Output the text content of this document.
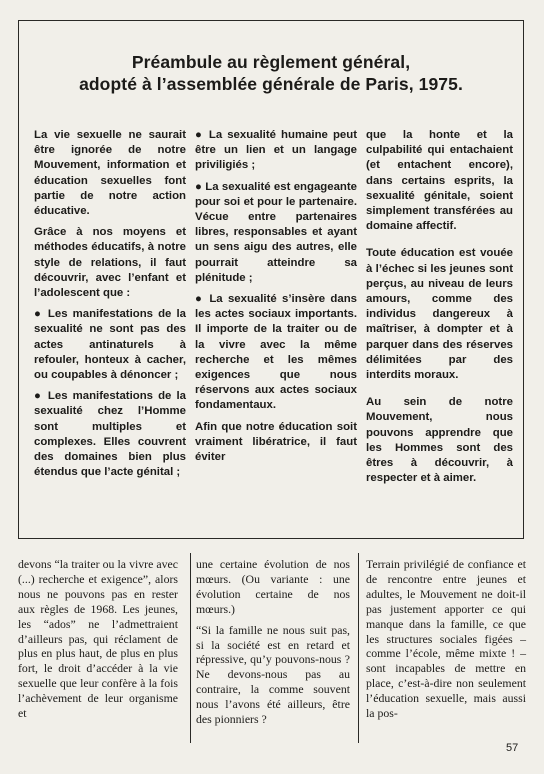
Préambule au règlement général,
adopté à l’assemblée générale de Paris, 1975.

La vie sexuelle ne saurait être ignorée de notre Mouvement, information et éducation sexuelles font partie de notre action éducative.

Grâce à nos moyens et méthodes éducatifs, à notre style de relations, il faut découvrir, avec l’enfant et l’adolescent que :

● Les manifestations de la sexualité ne sont pas des actes antinaturels à refouler, honteux à cacher, ou coupables à dénoncer ;

● Les manifestations de la sexualité chez l’Homme sont multiples et complexes. Elles couvrent des domaines bien plus étendus que l’acte génital ;

● La sexualité humaine peut être un lien et un langage priviligiés ;

● La sexualité est engageante pour soi et pour le partenaire. Vécue entre partenaires libres, responsables et ayant un sens aigu des autres, elle pourrait atteindre sa plénitude ;

● La sexualité s’insère dans les actes sociaux importants. Il importe de la traiter ou de la vivre avec la même recherche et les mêmes exigences que nous réservons aux actes sociaux fondamentaux.

Afin que notre éducation soit vraiment libératrice, il faut éviter

que la honte et la culpabilité qui entachaient (et entachent encore), dans certains esprits, la sexualité génitale, soient simplement transférées au domaine affectif.

Toute éducation est vouée à l’échec si les jeunes sont perçus, au niveau de leurs amours, comme des individus dangereux à maîtriser, à dompter et à parquer dans des réserves délimitées par des interdits moraux.

Au sein de notre Mouvement, nous pouvons apprendre que les Hommes sont des êtres à découvrir, à respecter et à aimer.

devons “la traiter ou la vivre avec (...) recherche et exigence”, alors nous ne pouvons pas en rester aux règles de 1968. Les jeunes, les “ados” ne l’admettraient d’ailleurs pas, qui réclament de plus en plus haut, de plus en plus fort, le droit d’accéder à la vie sexuelle que leur confère à la fois l’achèvement de leur organisme et

une certaine évolution de nos mœurs. (Ou variante : une évolution certaine de nos mœurs.)

“Si la famille ne nous suit pas, si la société est en retard et répressive, qu’y pouvons-nous ? Ne devons-nous pas au contraire, la comme souvent nous l’avons été ailleurs, être des pionniers ?

Terrain privilégié de confiance et de rencontre entre jeunes et adultes, le Mouvement ne doit-il pas justement apporter ce qui manque dans la famille, ce que les structures sociales figées – comme l’école, même mixte ! – sont incapables de mettre en place, c’est-à-dire non seulement l’éducation sexuelle, mais aussi la pos-

57
